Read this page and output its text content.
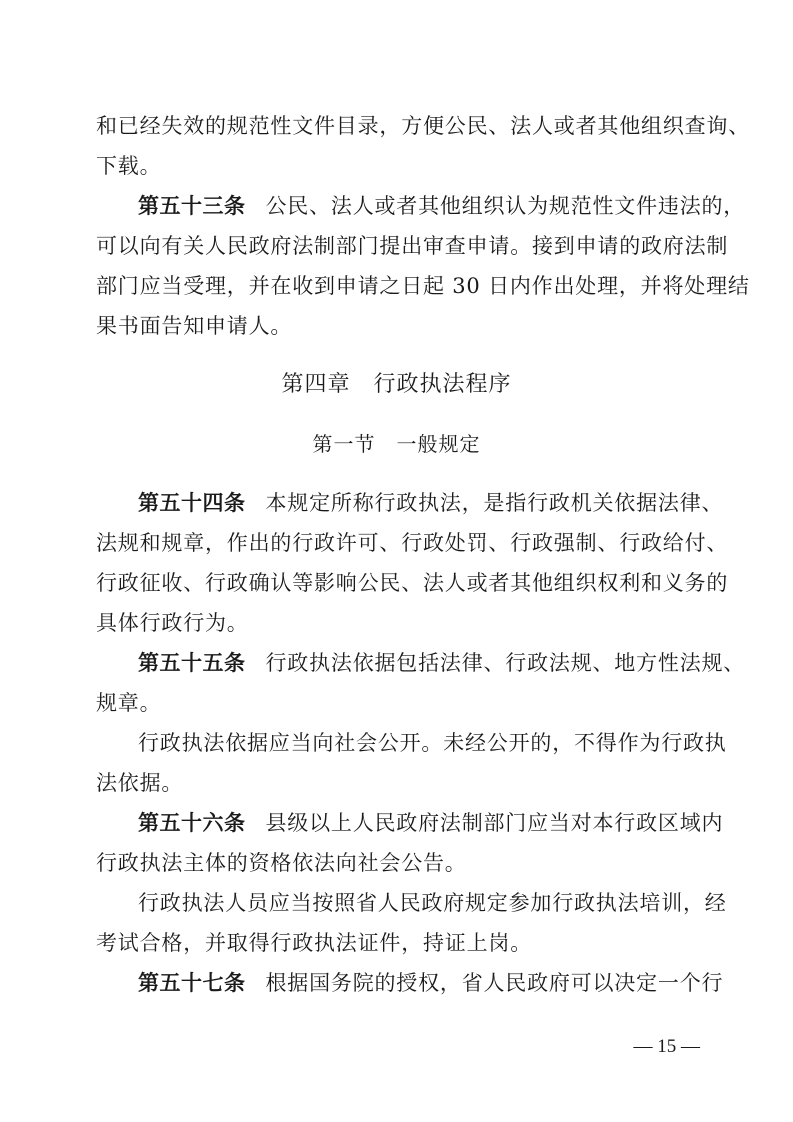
和已经失效的规范性文件目录，方便公民、法人或者其他组织查询、
下载。
第五十三条 公民、法人或者其他组织认为规范性文件违法的，
可以向有关人民政府法制部门提出审查申请。接到申请的政府法制
部门应当受理，并在收到申请之日起 30 日内作出处理，并将处理结
果书面告知申请人。
第四章　行政执法程序
第一节　一般规定
第五十四条 本规定所称行政执法，是指行政机关依据法律、
法规和规章，作出的行政许可、行政处罚、行政强制、行政给付、
行政征收、行政确认等影响公民、法人或者其他组织权利和义务的
具体行政行为。
第五十五条 行政执法依据包括法律、行政法规、地方性法规、
规章。
行政执法依据应当向社会公开。未经公开的，不得作为行政执
法依据。
第五十六条 县级以上人民政府法制部门应当对本行政区域内
行政执法主体的资格依法向社会公告。
行政执法人员应当按照省人民政府规定参加行政执法培训，经
考试合格，并取得行政执法证件，持证上岗。
第五十七条 根据国务院的授权，省人民政府可以决定一个行
— 15 —
